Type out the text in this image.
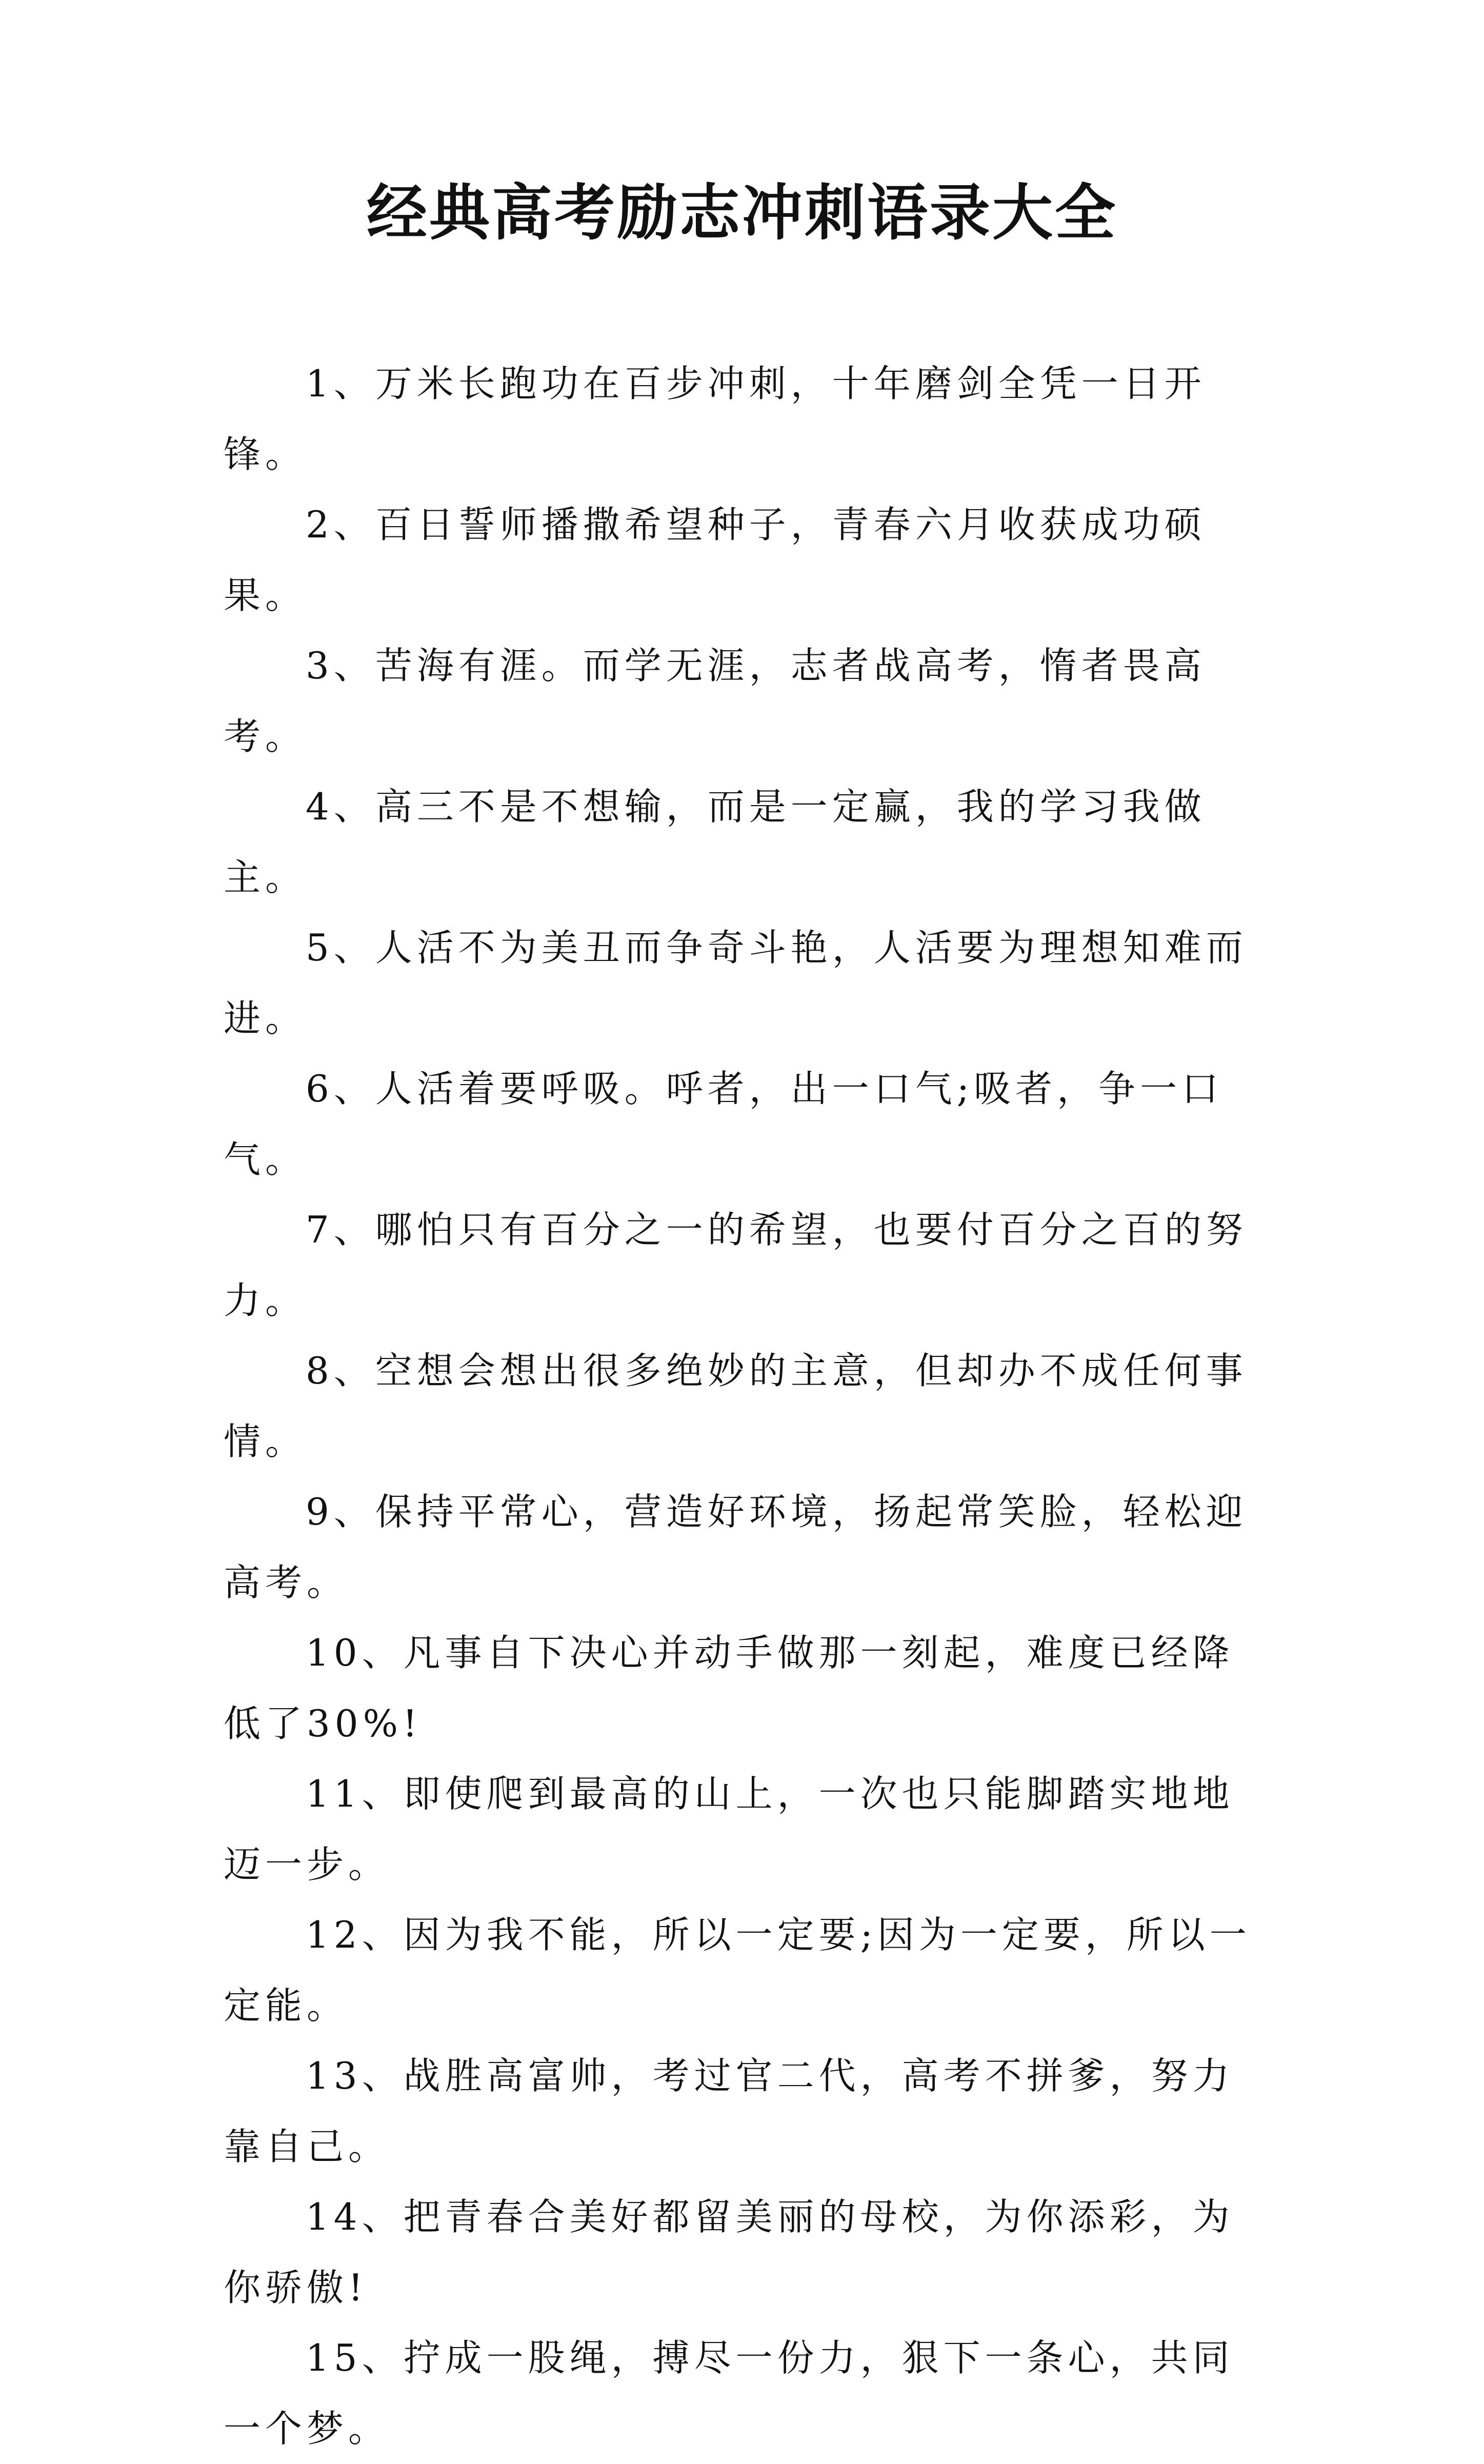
经典高考励志冲刺语录大全
1、万米长跑功在百步冲刺，十年磨剑全凭一日开锋。
2、百日誓师播撒希望种子，青春六月收获成功硕果。
3、苦海有涯。而学无涯，志者战高考，惰者畏高考。
4、高三不是不想输，而是一定赢，我的学习我做主。
5、人活不为美丑而争奇斗艳，人活要为理想知难而进。
6、人活着要呼吸。呼者，出一口气;吸者，争一口气。
7、哪怕只有百分之一的希望，也要付百分之百的努力。
8、空想会想出很多绝妙的主意，但却办不成任何事情。
9、保持平常心，营造好环境，扬起常笑脸，轻松迎高考。
10、凡事自下决心并动手做那一刻起，难度已经降低了30%!
11、即使爬到最高的山上，一次也只能脚踏实地地迈一步。
12、因为我不能，所以一定要;因为一定要，所以一定能。
13、战胜高富帅，考过官二代，高考不拼爹，努力靠自己。
14、把青春合美好都留美丽的母校，为你添彩，为你骄傲!
15、拧成一股绳，搏尽一份力，狠下一条心，共同一个梦。
